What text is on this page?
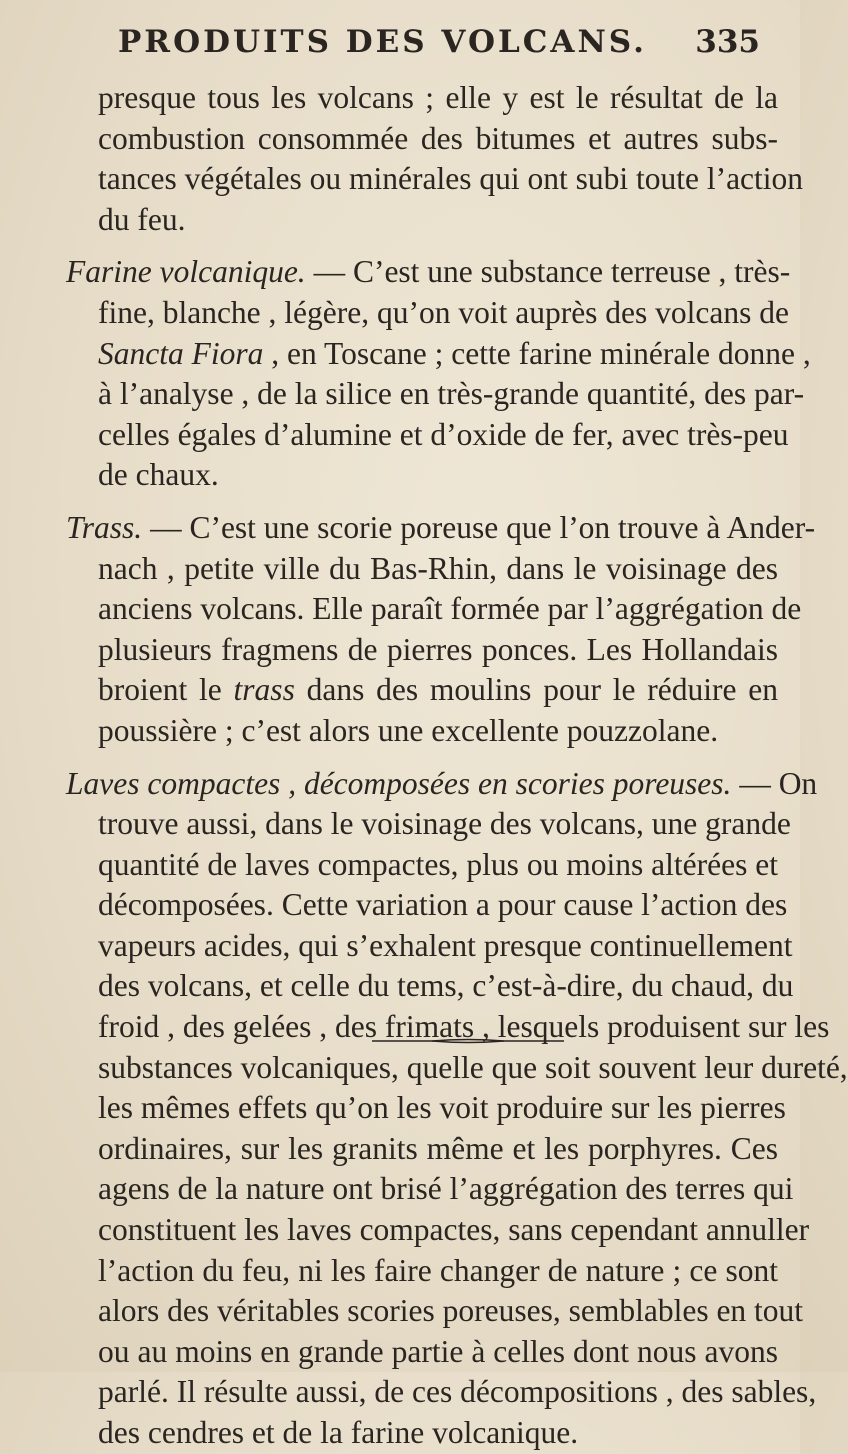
PRODUITS DES VOLCANS. 335
presque tous les volcans ; elle y est le résultat de la
combustion consommée des bitumes et autres subs-
tances végétales ou minérales qui ont subi toute l’action
du feu.
Farine volcanique. — C’est une substance terreuse , très-
fine, blanche , légère, qu’on voit auprès des volcans de
Sancta Fiora , en Toscane ; cette farine minérale donne ,
à l’analyse , de la silice en très-grande quantité, des par-
celles égales d’alumine et d’oxide de fer, avec très-peu
de chaux.
Trass. — C’est une scorie poreuse que l’on trouve à Ander-
nach , petite ville du Bas-Rhin, dans le voisinage des
anciens volcans. Elle paraît formée par l’aggrégation de
plusieurs fragmens de pierres ponces. Les Hollandais
broient le trass dans des moulins pour le réduire en
poussière ; c’est alors une excellente pouzzolane.
Laves compactes , décomposées en scories poreuses. — On
trouve aussi, dans le voisinage des volcans, une grande
quantité de laves compactes, plus ou moins altérées et
décomposées. Cette variation a pour cause l’action des
vapeurs acides, qui s’exhalent presque continuellement
des volcans, et celle du tems, c’est-à-dire, du chaud, du
froid , des gelées , des frimats , lesquels produisent sur les
substances volcaniques, quelle que soit souvent leur dureté,
les mêmes effets qu’on les voit produire sur les pierres
ordinaires, sur les granits même et les porphyres. Ces
agens de la nature ont brisé l’aggrégation des terres qui
constituent les laves compactes, sans cependant annuller
l’action du feu, ni les faire changer de nature ; ce sont
alors des véritables scories poreuses, semblables en tout
ou au moins en grande partie à celles dont nous avons
parlé. Il résulte aussi, de ces décompositions , des sables,
des cendres et de la farine volcanique.
